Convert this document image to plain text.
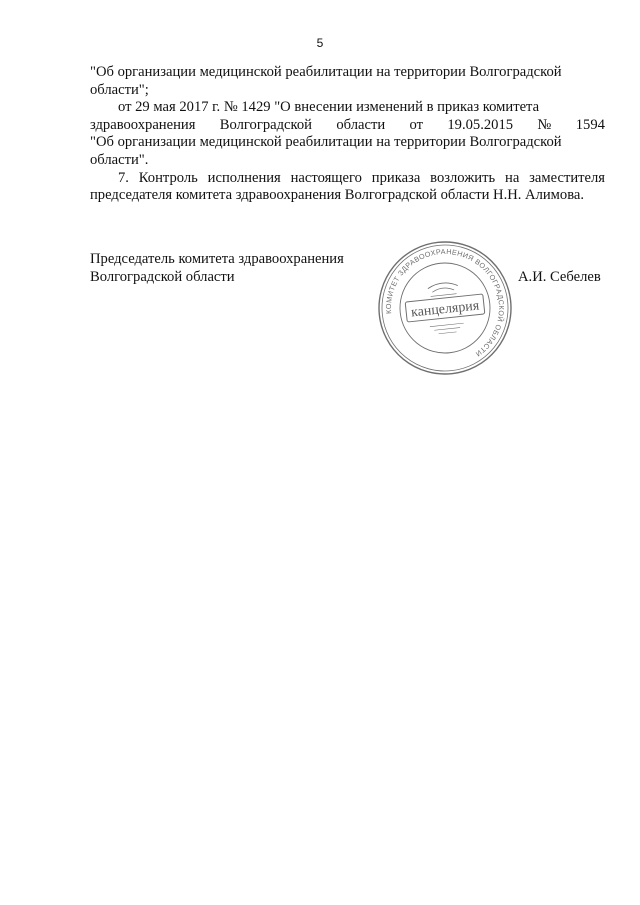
5

"Об организации медицинской реабилитации на территории Волгоградской
области";

от 29 мая 2017 г. № 1429 "О внесении изменений в приказ комитета

здравоохранения Волгоградской области от 19.05.2015 № 1594

"Об организации медицинской реабилитации на территории Волгоградской
области".

7. Контроль исполнения настоящего приказа возложить на заместителя председателя комитета здравоохранения Волгоградской области Н.Н. Алимова.

Председатель комитета здравоохранения
Волгоградской области	А.И. Себелев
КОМИТЕТ ЗДРАВООХРАНЕНИЯ ВОЛГОГРАДСКОЙ ОБЛАСТИ
канцелярия
